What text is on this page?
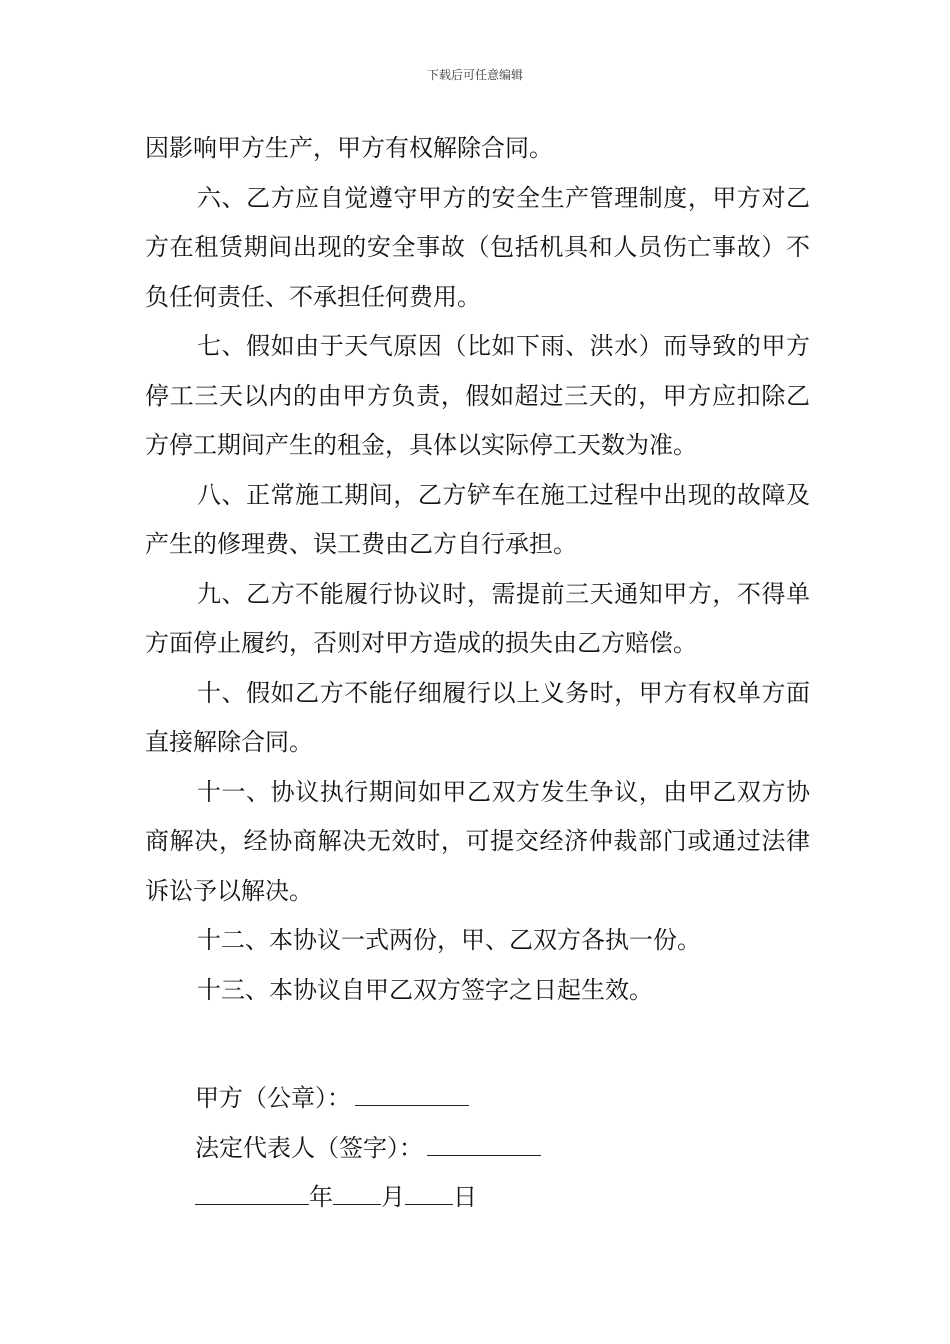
下载后可任意编辑

因影响甲方生产，甲方有权解除合同。

六、乙方应自觉遵守甲方的安全生产管理制度，甲方对乙方在租赁期间出现的安全事故（包括机具和人员伤亡事故）不负任何责任、不承担任何费用。

七、假如由于天气原因（比如下雨、洪水）而导致的甲方停工三天以内的由甲方负责，假如超过三天的，甲方应扣除乙方停工期间产生的租金，具体以实际停工天数为准。

八、正常施工期间，乙方铲车在施工过程中出现的故障及产生的修理费、误工费由乙方自行承担。

九、乙方不能履行协议时，需提前三天通知甲方，不得单方面停止履约，否则对甲方造成的损失由乙方赔偿。

十、假如乙方不能仔细履行以上义务时，甲方有权单方面直接解除合同。

十一、协议执行期间如甲乙双方发生争议，由甲乙双方协商解决，经协商解决无效时，可提交经济仲裁部门或通过法律诉讼予以解决。

十二、本协议一式两份，甲、乙双方各执一份。

十三、本协议自甲乙双方签字之日起生效。

甲方（公章）：
法定代表人（签字）：
年 月 日
